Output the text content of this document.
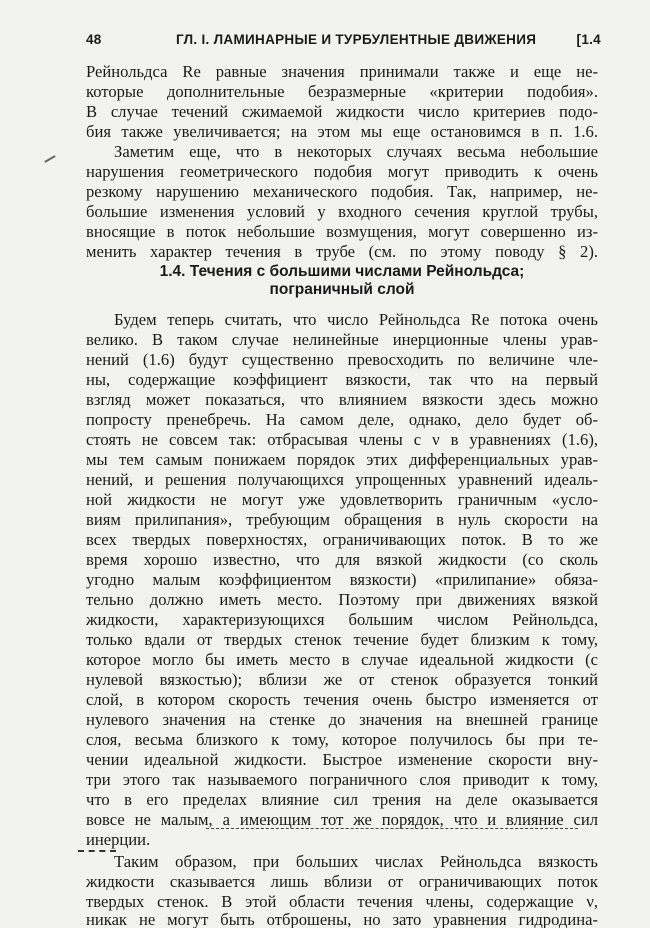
48	ГЛ. I. ЛАМИНАРНЫЕ И ТУРБУЛЕНТНЫЕ ДВИЖЕНИЯ	[1.4
Рейнольдса Re равные значения принимали также и еще не-
которые дополнительные безразмерные «критерии подобия».
В случае течений сжимаемой жидкости число критериев подо-
бия также увеличивается; на этом мы еще остановимся в п. 1.6.
Заметим еще, что в некоторых случаях весьма небольшие
нарушения геометрического подобия могут приводить к очень
резкому нарушению механического подобия. Так, например, не-
большие изменения условий у входного сечения круглой трубы,
вносящие в поток небольшие возмущения, могут совершенно из-
менить характер течения в трубе (см. по этому поводу § 2).
1.4. Течения с большими числами Рейнольдса;
пограничный слой
Будем теперь считать, что число Рейнольдса Re потока очень
велико. В таком случае нелинейные инерционные члены урав-
нений (1.6) будут существенно превосходить по величине чле-
ны, содержащие коэффициент вязкости, так что на первый
взгляд может показаться, что влиянием вязкости здесь можно
попросту пренебречь. На самом деле, однако, дело будет об-
стоять не совсем так: отбрасывая члены с ν в уравнениях (1.6),
мы тем самым понижаем порядок этих дифференциальных урав-
нений, и решения получающихся упрощенных уравнений идеаль-
ной жидкости не могут уже удовлетворить граничным «усло-
виям прилипания», требующим обращения в нуль скорости на
всех твердых поверхностях, ограничивающих поток. В то же
время хорошо известно, что для вязкой жидкости (со сколь
угодно малым коэффициентом вязкости) «прилипание» обяза-
тельно должно иметь место. Поэтому при движениях вязкой
жидкости, характеризующихся большим числом Рейнольдса,
только вдали от твердых стенок течение будет близким к тому,
которое могло бы иметь место в случае идеальной жидкости (с
нулевой вязкостью); вблизи же от стенок образуется тонкий
слой, в котором скорость течения очень быстро изменяется от
нулевого значения на стенке до значения на внешней границе
слоя, весьма близкого к тому, которое получилось бы при те-
чении идеальной жидкости. Быстрое изменение скорости вну-
три этого так называемого пограничного слоя приводит к тому,
что в его пределах влияние сил трения на деле оказывается
вовсе не малым, а имеющим тот же порядок, что и влияние сил
инерции.
Таким образом, при больших числах Рейнольдса вязкость
жидкости сказывается лишь вблизи от ограничивающих поток
твердых стенок. В этой области течения члены, содержащие ν,
никак не могут быть отброшены, но зато уравнения гидродина-
